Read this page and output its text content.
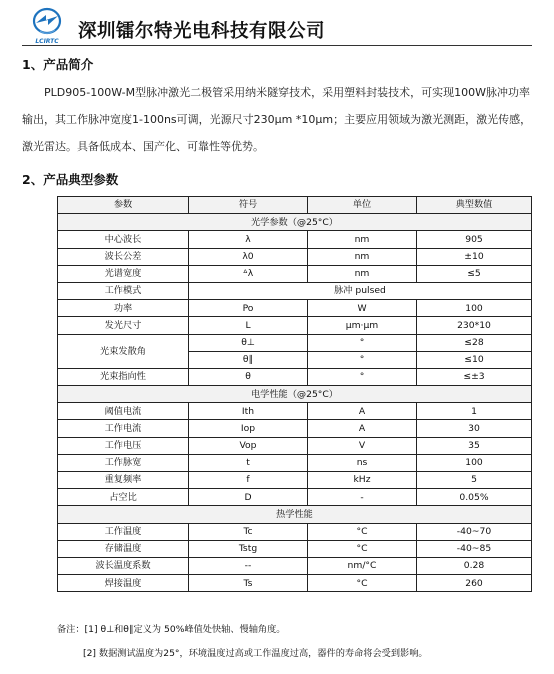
LCIRTC 深圳镭尔特光电科技有限公司
1、产品简介
PLD905-100W-M型脉冲激光二极管采用纳米隧穿技术，采用塑料封装技术，可实现100W脉冲功率输出，其工作脉冲宽度1-100ns可调，光源尺寸230μm *10μm；主要应用领域为激光测距，激光传感，激光雷达。具备低成本、国产化、可靠性等优势。
2、产品典型参数
参数	符号	单位	典型数值
光学参数（@25°C）			
中心波长	λ	nm	905
波长公差	λ0	nm	±10
光谱宽度	ᐞλ	nm	≤5
工作模式	脉冲 pulsed		
功率	Po	W	100
发光尺寸	L	μm·μm	230*10
光束发散角	θ⊥	°	≤28
	θ∥	°	≤10
光束指向性	θ	°	≤±3
电学性能（@25°C）			
阈值电流	Ith	A	1
工作电流	Iop	A	30
工作电压	Vop	V	35
工作脉宽	t	ns	100
重复频率	f	kHz	5
占空比	D	-	0.05%
热学性能			
工作温度	Tc	°C	-40~70
存储温度	Tstg	°C	-40~85
波长温度系数	--	nm/°C	0.28
焊接温度	Ts	°C	260
备注：[1] θ⊥和θ∥定义为 50%峰值处快轴、慢轴角度。
[2] 数据测试温度为25°，环境温度过高或工作温度过高，器件的寿命将会受到影响。
